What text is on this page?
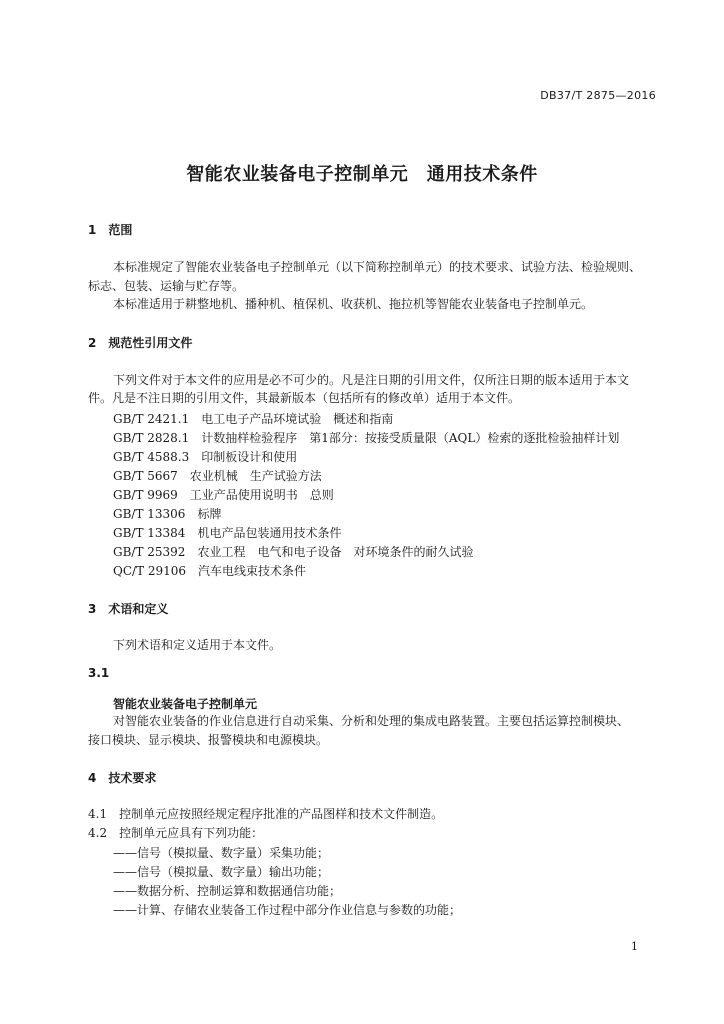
DB37/T 2875—2016
智能农业装备电子控制单元　通用技术条件
1　范围
本标准规定了智能农业装备电子控制单元（以下简称控制单元）的技术要求、试验方法、检验规则、
标志、包装、运输与贮存等。
本标准适用于耕整地机、播种机、植保机、收获机、拖拉机等智能农业装备电子控制单元。
2　规范性引用文件
下列文件对于本文件的应用是必不可少的。凡是注日期的引用文件，仅所注日期的版本适用于本文
件。凡是不注日期的引用文件，其最新版本（包括所有的修改单）适用于本文件。
GB/T 2421.1　电工电子产品环境试验　概述和指南
GB/T 2828.1　计数抽样检验程序　第1部分：按接受质量限（AQL）检索的逐批检验抽样计划
GB/T 4588.3　印制板设计和使用
GB/T 5667　农业机械　生产试验方法
GB/T 9969　工业产品使用说明书　总则
GB/T 13306　标牌
GB/T 13384　机电产品包装通用技术条件
GB/T 25392　农业工程　电气和电子设备　对环境条件的耐久试验
QC/T 29106　汽车电线束技术条件
3　术语和定义
下列术语和定义适用于本文件。
3.1
智能农业装备电子控制单元
对智能农业装备的作业信息进行自动采集、分析和处理的集成电路装置。主要包括运算控制模块、
接口模块、显示模块、报警模块和电源模块。
4　技术要求
4.1　控制单元应按照经规定程序批准的产品图样和技术文件制造。
4.2　控制单元应具有下列功能：
——信号（模拟量、数字量）采集功能；
——信号（模拟量、数字量）输出功能；
——数据分析、控制运算和数据通信功能；
——计算、存储农业装备工作过程中部分作业信息与参数的功能；
1
